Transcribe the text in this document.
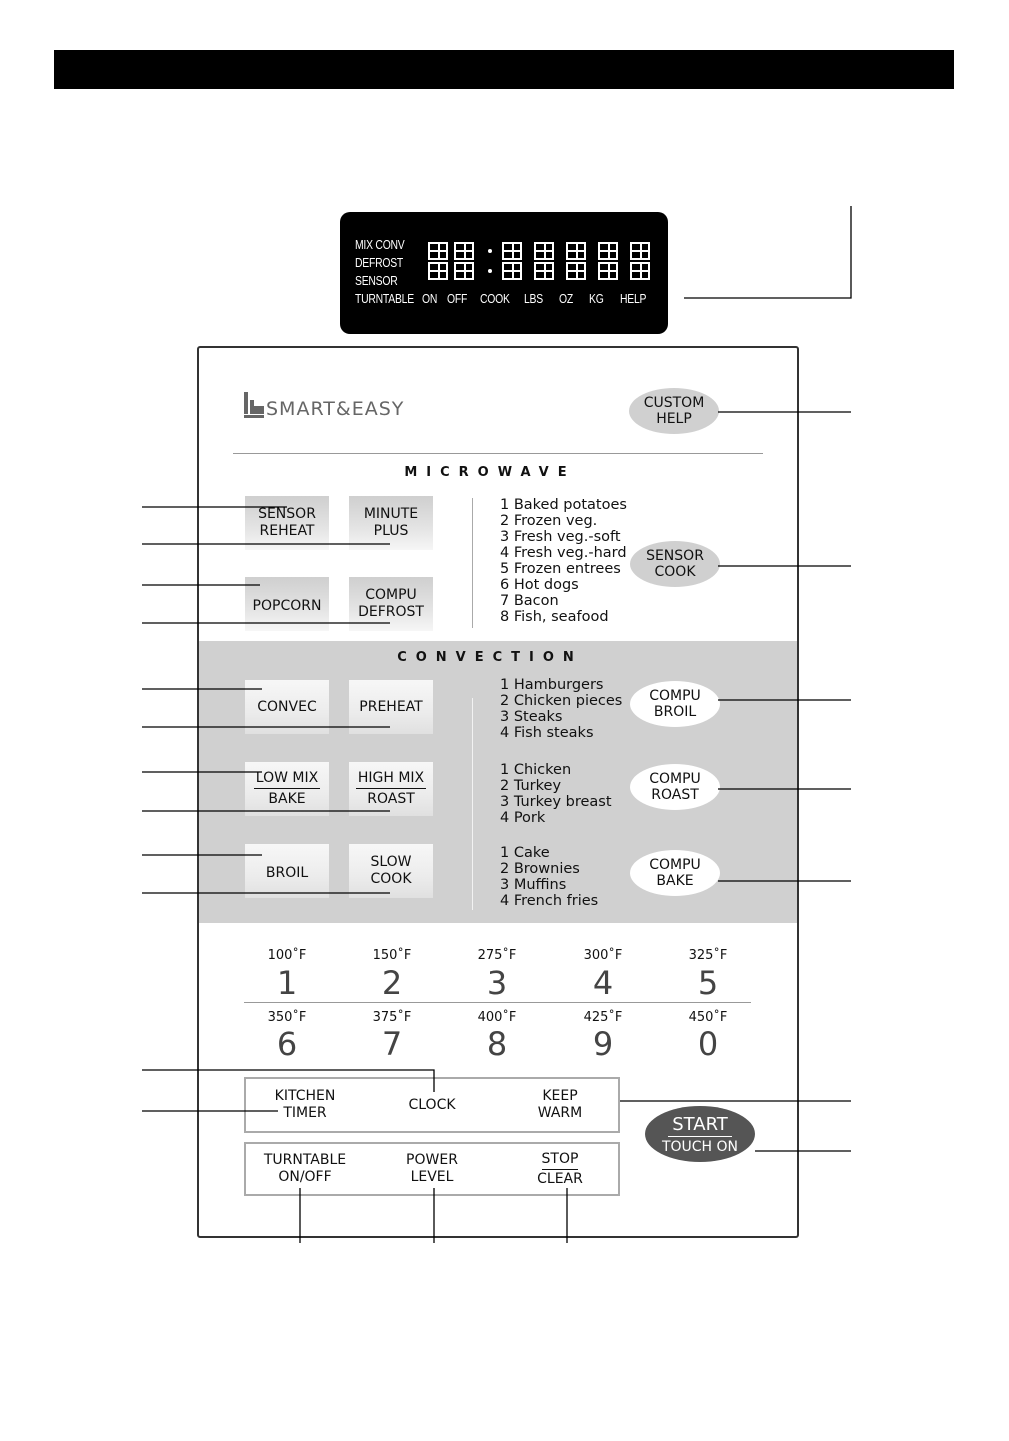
MIX CONV
DEFROST
SENSOR
TURNTABLE ON OFF COOK LBS OZ KG HELP
SMART&EASY	CUSTOM
HELP
MICROWAVE
SENSOR
REHEAT
MINUTE
PLUS
POPCORN
COMPU
DEFROST
1 Baked potatoes
2 Frozen veg.
3 Fresh veg.-soft
4 Fresh veg.-hard
5 Frozen entrees
6 Hot dogs
7 Bacon
8 Fish, seafood
SENSOR
COOK
CONVECTION
CONVEC	PREHEAT
LOW MIX
BAKE
HIGH MIX
ROAST
BROIL
SLOW
COOK
1 Hamburgers
2 Chicken pieces
3 Steaks
4 Fish steaks
1 Chicken
2 Turkey
3 Turkey breast
4 Pork
1 Cake
2 Brownies
3 Muffins
4 French fries
COMPU
BROIL
COMPU
ROAST
COMPU
BAKE
100˚F	150˚F	275˚F	300˚F	325˚F
1	2	3	4	5
350˚F	375˚F	400˚F	425˚F	450˚F
6	7	8	9	0
KITCHEN
TIMER	CLOCK
KEEP
WARM
TURNTABLE
ON/OFF
POWER
LEVEL
STOP
CLEAR
START
TOUCH ON
